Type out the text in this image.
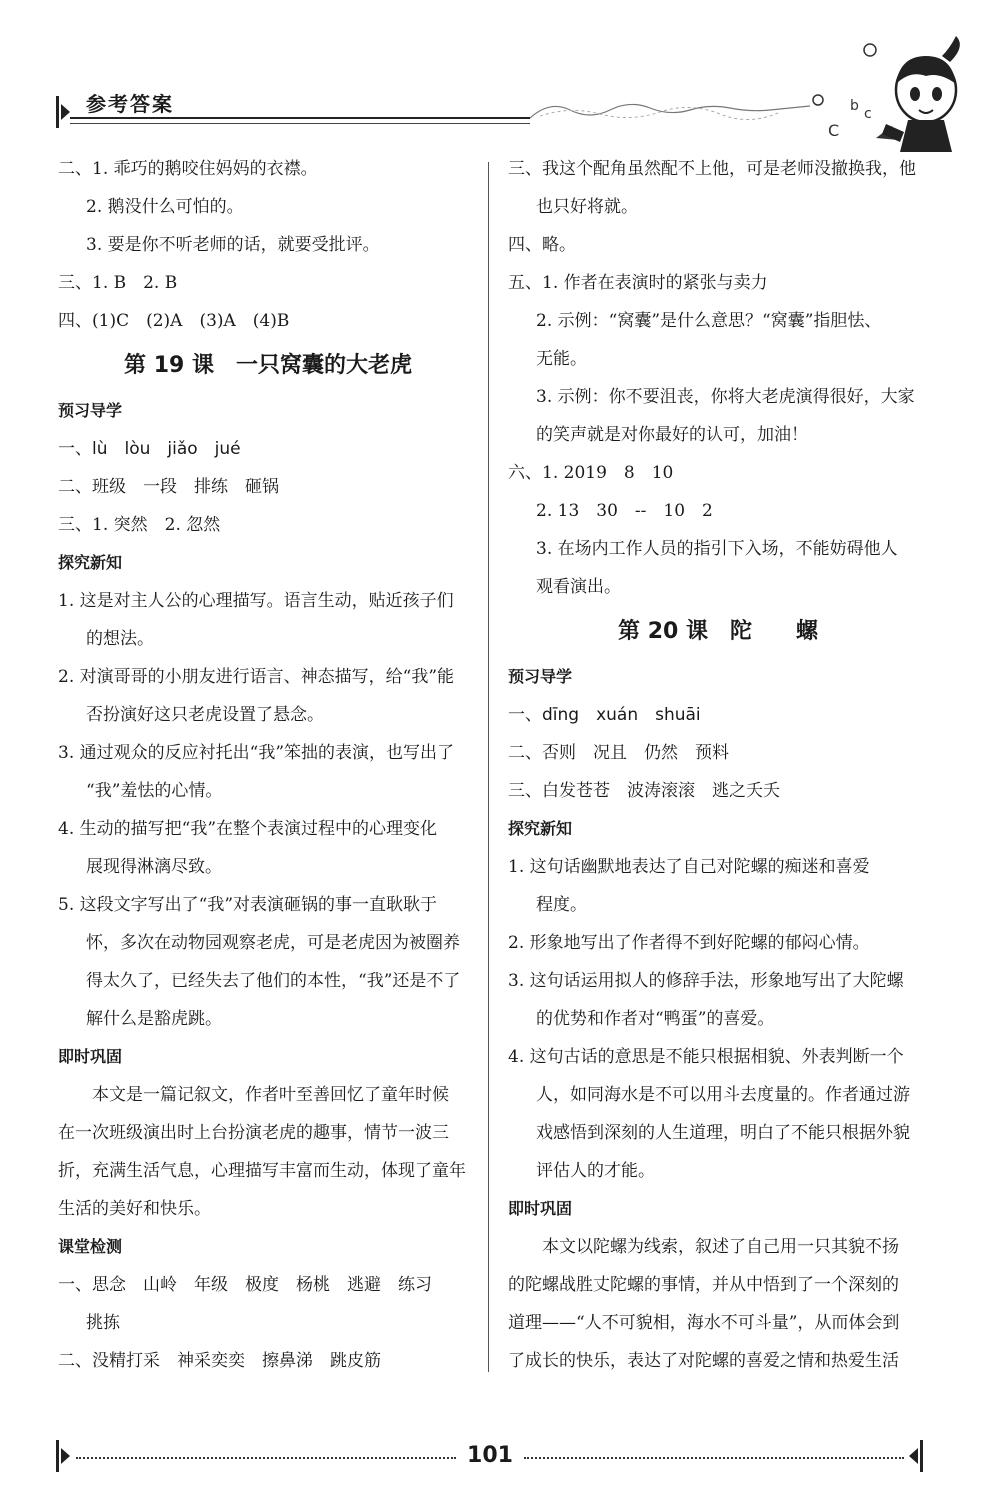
参考答案
C
b c
二、1. 乖巧的鹅咬住妈妈的衣襟。
2. 鹅没什么可怕的。
3. 要是你不听老师的话，就要受批评。
三、1. B　2. B
四、(1)C　(2)A　(3)A　(4)B
第 19 课　一只窝囊的大老虎
预习导学
一、lù　lòu　jiǎo　jué
二、班级　一段　排练　砸锅
三、1. 突然　2. 忽然
探究新知
1. 这是对主人公的心理描写。语言生动，贴近孩子们
的想法。
2. 对演哥哥的小朋友进行语言、神态描写，给“我”能
否扮演好这只老虎设置了悬念。
3. 通过观众的反应衬托出“我”笨拙的表演，也写出了
“我”羞怯的心情。
4. 生动的描写把“我”在整个表演过程中的心理变化
展现得淋漓尽致。
5. 这段文字写出了“我”对表演砸锅的事一直耿耿于
怀，多次在动物园观察老虎，可是老虎因为被圈养
得太久了，已经失去了他们的本性，“我”还是不了
解什么是豁虎跳。
即时巩固
　　本文是一篇记叙文，作者叶至善回忆了童年时候
在一次班级演出时上台扮演老虎的趣事，情节一波三
折，充满生活气息，心理描写丰富而生动，体现了童年
生活的美好和快乐。
课堂检测
一、思念　山岭　年级　极度　杨桃　逃避　练习
挑拣
二、没精打采　神采奕奕　擦鼻涕　跳皮筋
三、我这个配角虽然配不上他，可是老师没撤换我，他
也只好将就。
四、略。
五、1. 作者在表演时的紧张与卖力
2. 示例：“窝囊”是什么意思？“窝囊”指胆怯、
无能。
3. 示例：你不要沮丧，你将大老虎演得很好，大家
的笑声就是对你最好的认可，加油！
六、1. 2019　8　10
2. 13　30　--　10　2
3. 在场内工作人员的指引下入场，不能妨碍他人
观看演出。
第 20 课　陀　　螺
预习导学
一、dīng　xuán　shuāi
二、否则　况且　仍然　预料
三、白发苍苍　波涛滚滚　逃之夭夭
探究新知
1. 这句话幽默地表达了自己对陀螺的痴迷和喜爱
程度。
2. 形象地写出了作者得不到好陀螺的郁闷心情。
3. 这句话运用拟人的修辞手法，形象地写出了大陀螺
的优势和作者对“鸭蛋”的喜爱。
4. 这句古话的意思是不能只根据相貌、外表判断一个
人，如同海水是不可以用斗去度量的。作者通过游
戏感悟到深刻的人生道理，明白了不能只根据外貌
评估人的才能。
即时巩固
　　本文以陀螺为线索，叙述了自己用一只其貌不扬
的陀螺战胜丈陀螺的事情，并从中悟到了一个深刻的
道理——“人不可貌相，海水不可斗量”，从而体会到
了成长的快乐，表达了对陀螺的喜爱之情和热爱生活
101
